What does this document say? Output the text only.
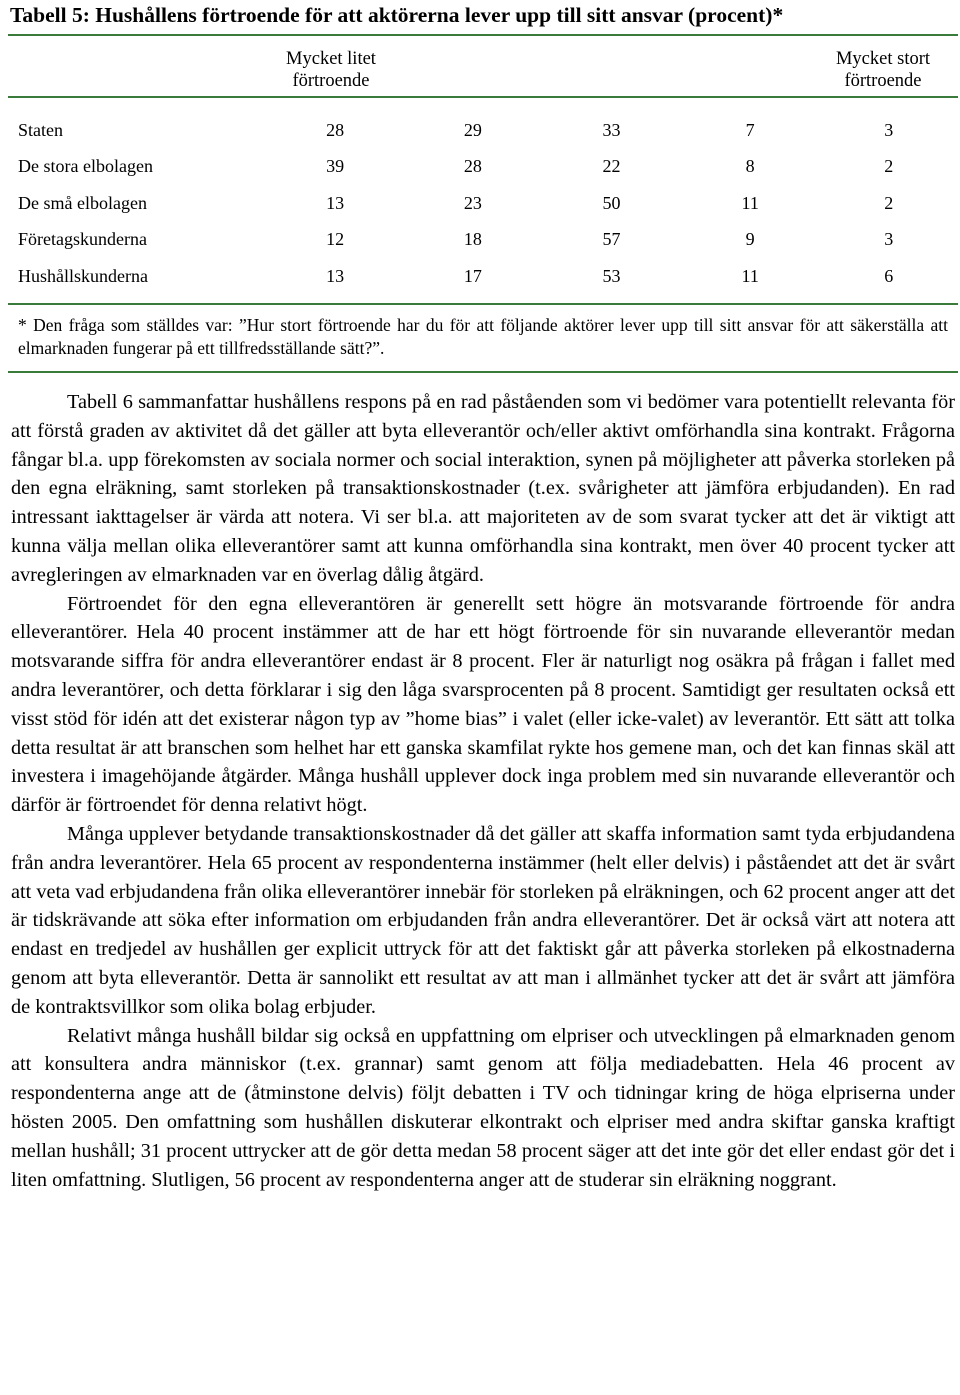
Tabell 5: Hushållens förtroende för att aktörerna lever upp till sitt ansvar (procent)*
Mycket litet
förtroende
Mycket stort
förtroende
Staten	28	29	33	7	3
De stora elbolagen	39	28	22	8	2
De små elbolagen	13	23	50	11	2
Företagskunderna	12	18	57	9	3
Hushållskunderna	13	17	53	11	6
* Den fråga som ställdes var: ”Hur stort förtroende har du för att följande aktörer lever upp till sitt ansvar för att säkerställa att elmarknaden fungerar på ett tillfredsställande sätt?”.

Tabell 6 sammanfattar hushållens respons på en rad påståenden som vi bedömer vara potentiellt relevanta för att förstå graden av aktivitet då det gäller att byta elleverantör och/eller aktivt omförhandla sina kontrakt. Frågorna fångar bl.a. upp förekomsten av sociala normer och social interaktion, synen på möjligheter att påverka storleken på den egna elräkning, samt storleken på transaktionskostnader (t.ex. svårigheter att jämföra erbjudanden). En rad intressant iakttagelser är värda att notera. Vi ser bl.a. att majoriteten av de som svarat tycker att det är viktigt att kunna välja mellan olika elleverantörer samt att kunna omförhandla sina kontrakt, men över 40 procent tycker att avregleringen av elmarknaden var en överlag dålig åtgärd.

Förtroendet för den egna elleverantören är generellt sett högre än motsvarande förtroende för andra elleverantörer. Hela 40 procent instämmer att de har ett högt förtroende för sin nuvarande elleverantör medan motsvarande siffra för andra elleverantörer endast är 8 procent. Fler är naturligt nog osäkra på frågan i fallet med andra leverantörer, och detta förklarar i sig den låga svarsprocenten på 8 procent. Samtidigt ger resultaten också ett visst stöd för idén att det existerar någon typ av ”home bias” i valet (eller icke-valet) av leverantör. Ett sätt att tolka detta resultat är att branschen som helhet har ett ganska skamfilat rykte hos gemene man, och det kan finnas skäl att investera i imagehöjande åtgärder. Många hushåll upplever dock inga problem med sin nuvarande elleverantör och därför är förtroendet för denna relativt högt.

Många upplever betydande transaktionskostnader då det gäller att skaffa information samt tyda erbjudandena från andra leverantörer. Hela 65 procent av respondenterna instämmer (helt eller delvis) i påståendet att det är svårt att veta vad erbjudandena från olika elleverantörer innebär för storleken på elräkningen, och 62 procent anger att det är tidskrävande att söka efter information om erbjudanden från andra elleverantörer. Det är också värt att notera att endast en tredjedel av hushållen ger explicit uttryck för att det faktiskt går att påverka storleken på elkostnaderna genom att byta elleverantör. Detta är sannolikt ett resultat av att man i allmänhet tycker att det är svårt att jämföra de kontraktsvillkor som olika bolag erbjuder.

Relativt många hushåll bildar sig också en uppfattning om elpriser och utvecklingen på elmarknaden genom att konsultera andra människor (t.ex. grannar) samt genom att följa mediadebatten. Hela 46 procent av respondenterna ange att de (åtminstone delvis) följt debatten i TV och tidningar kring de höga elpriserna under hösten 2005. Den omfattning som hushållen diskuterar elkontrakt och elpriser med andra skiftar ganska kraftigt mellan hushåll; 31 procent uttrycker att de gör detta medan 58 procent säger att det inte gör det eller endast gör det i liten omfattning. Slutligen, 56 procent av respondenterna anger att de studerar sin elräkning noggrant.
